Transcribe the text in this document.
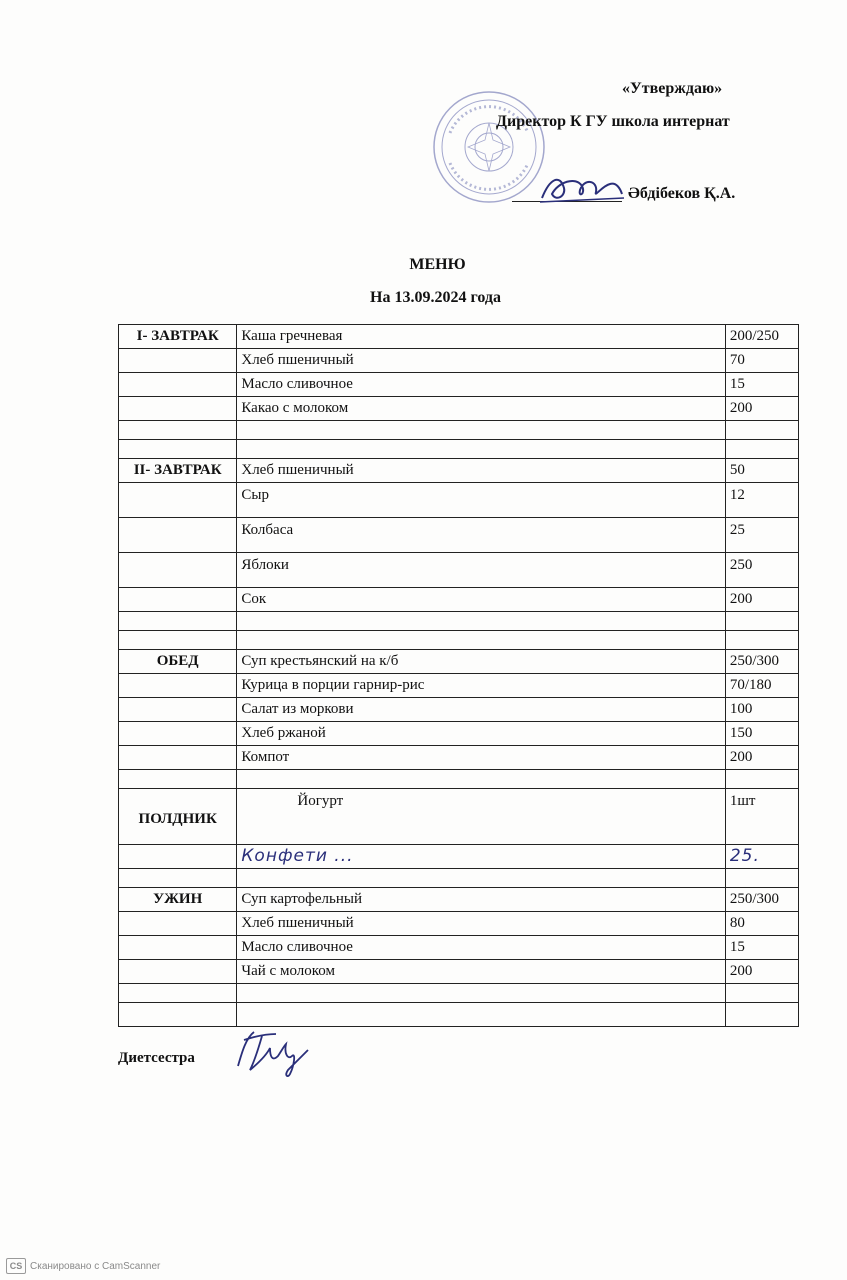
«Утверждаю»
Директор К ГУ школа интернат
Әбдібеков Қ.А.
МЕНЮ
На 13.09.2024 года
I- ЗАВТРАК	Каша гречневая	200/250
	Хлеб пшеничный	70
	Масло сливочное	15
	Какао с молоком	200

II- ЗАВТРАК	Хлеб пшеничный	50
	Сыр	12
	Колбаса	25
	Яблоки	250
	Сок	200

ОБЕД	Суп крестьянский на к/б	250/300
	Курица в порции гарнир-рис	70/180
	Салат из моркови	100
	Хлеб ржаной	150
	Компот	200

ПОЛДНИК	Йогурт	1шт
	Конфети ...	25.

УЖИН	Суп картофельный	250/300
	Хлеб пшеничный	80
	Масло сливочное	15
	Чай с молоком	200

Диетсестра
CS Сканировано с CamScanner
